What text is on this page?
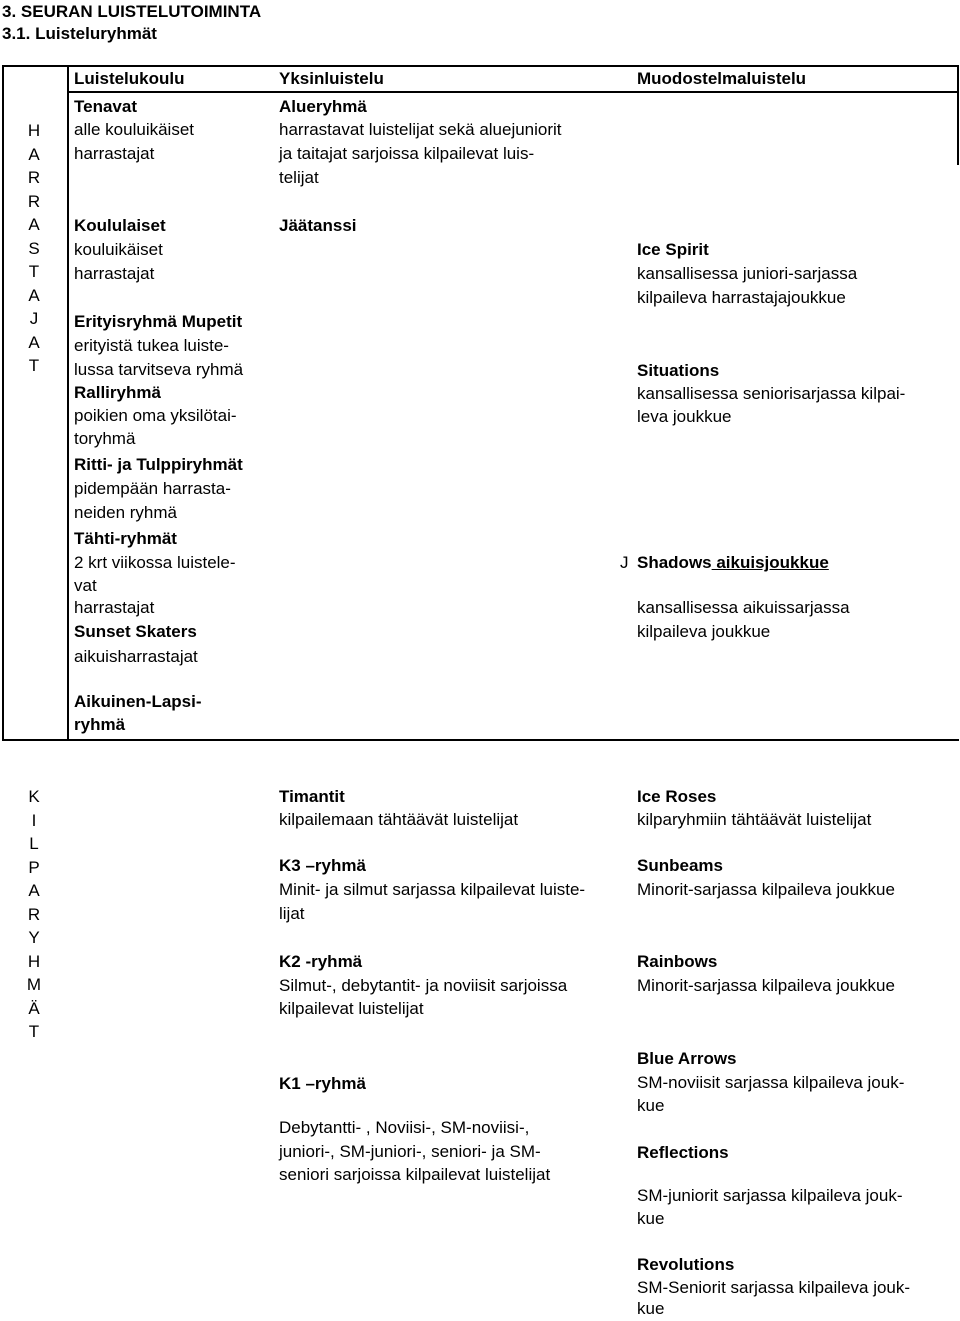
3. SEURAN LUISTELUTOIMINTA
3.1. Luisteluryhmät
Luistelukoulu	Yksinluistelu	Muodostelmaluistelu
H
A
R
R
A
S
T
A
J
A
T
Tenavat
alle kouluikäiset
harrastajat
Koululaiset
kouluikäiset
harrastajat
Erityisryhmä Mupetit
erityistä tukea luiste-
lussa tarvitseva ryhmä
Ralliryhmä
poikien oma yksilötai-
toryhmä
Ritti- ja Tulppiryhmät
pidempään harrasta-
neiden ryhmä
Tähti-ryhmät
2 krt viikossa luistele-
vat
harrastajat
Sunset Skaters
aikuisharrastajat
Aikuinen-Lapsi-
ryhmä
Alueryhmä
harrastavat luistelijat sekä aluejuniorit
ja taitajat sarjoissa kilpailevat luis-
telijat
Jäätanssi
Ice Spirit
kansallisessa juniori-sarjassa
kilpaileva harrastajajoukkue
Situations
kansallisessa seniorisarjassa kilpai-
leva joukkue
J Shadows aikuisjoukkue
kansallisessa aikuissarjassa
kilpaileva joukkue
K
I
L
P
A
R
Y
H
M
Ä
T
Timantit
kilpailemaan tähtäävät luistelijat
K3 –ryhmä
Minit- ja silmut sarjassa kilpailevat luiste-
lijat
K2 -ryhmä
Silmut-, debytantit- ja noviisit sarjoissa
kilpailevat luistelijat
K1 –ryhmä
Debytantti- , Noviisi-, SM-noviisi-,
juniori-, SM-juniori-, seniori- ja SM-
seniori sarjoissa kilpailevat luistelijat
Ice Roses
kilparyhmiin tähtäävät luistelijat
Sunbeams
Minorit-sarjassa kilpaileva joukkue
Rainbows
Minorit-sarjassa kilpaileva joukkue
Blue Arrows
SM-noviisit sarjassa kilpaileva jouk-
kue
Reflections
SM-juniorit sarjassa kilpaileva jouk-
kue
Revolutions
SM-Seniorit sarjassa kilpaileva jouk-
kue
